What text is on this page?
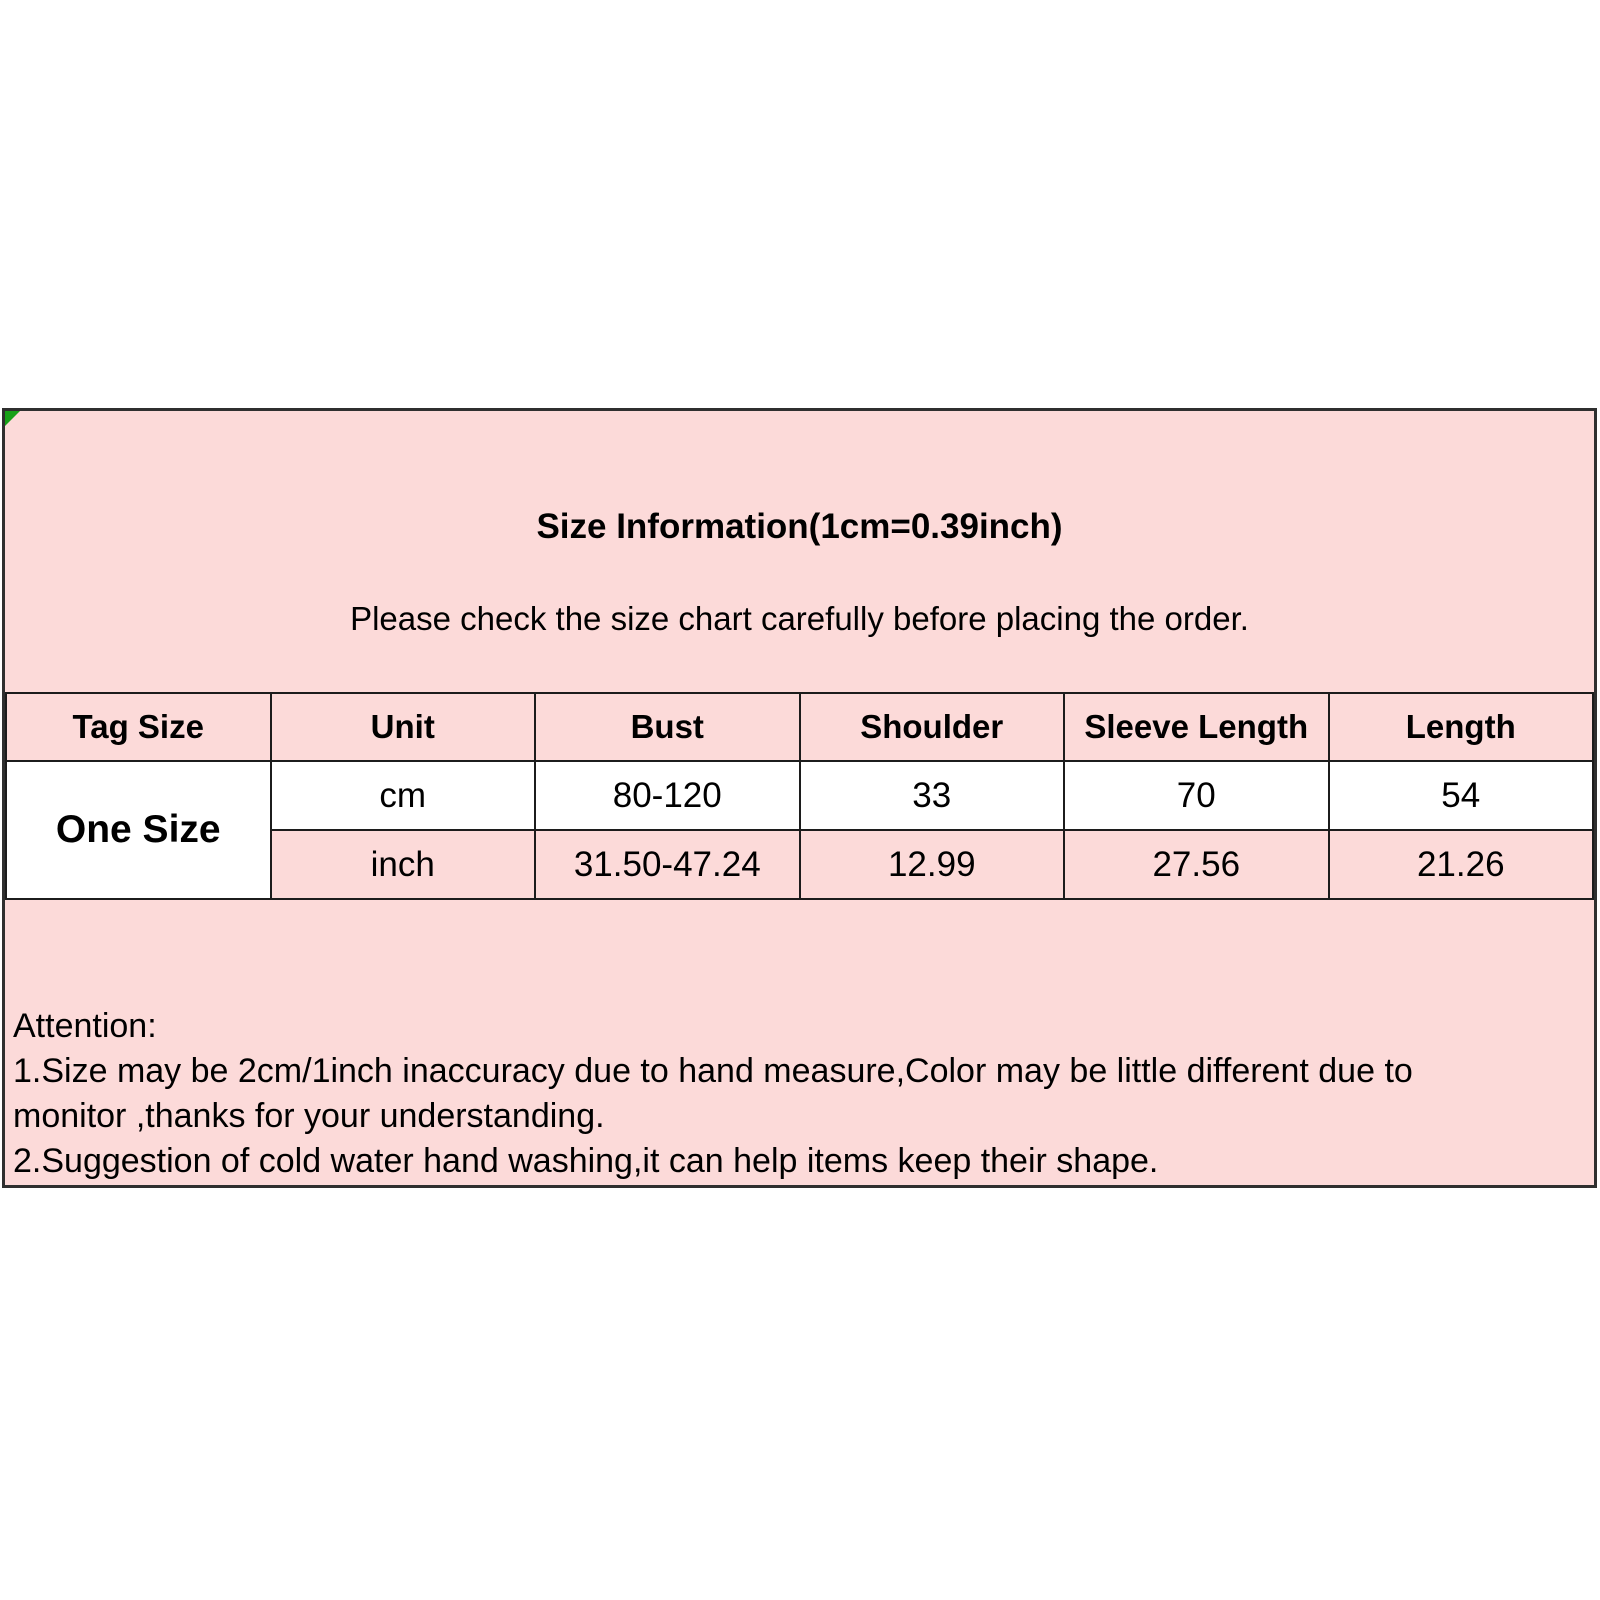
Size Information(1cm=0.39inch)
Please check the size chart carefully before placing the order.
Tag Size	Unit	Bust	Shoulder	Sleeve Length	Length
One Size	cm	80-120	33	70	54
	inch	31.50-47.24	12.99	27.56	21.26
Attention:
1.Size may be 2cm/1inch inaccuracy due to hand measure,Color may be little different due to
monitor ,thanks for your understanding.
2.Suggestion of cold water hand washing,it can help items keep their shape.
